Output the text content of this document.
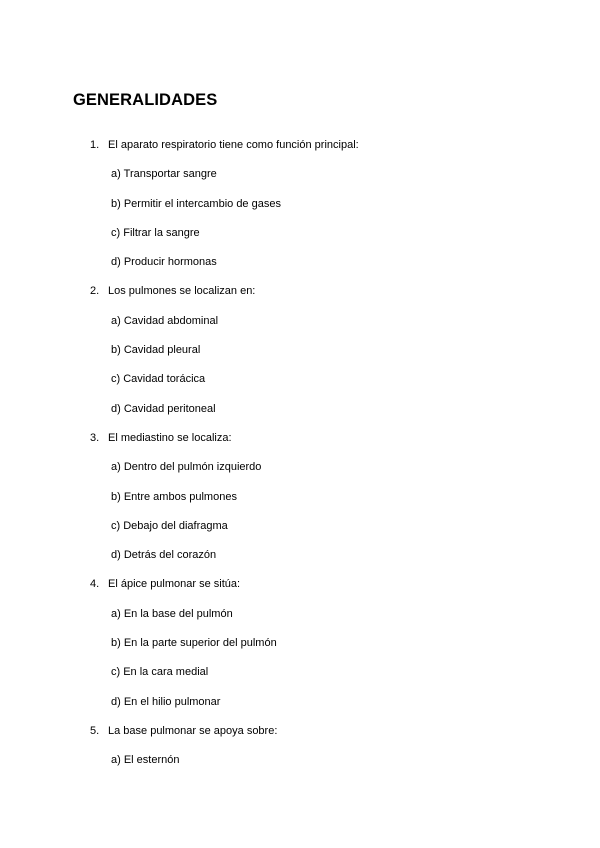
GENERALIDADES
1. El aparato respiratorio tiene como función principal:
a) Transportar sangre
b) Permitir el intercambio de gases
c) Filtrar la sangre
d) Producir hormonas
2. Los pulmones se localizan en:
a) Cavidad abdominal
b) Cavidad pleural
c) Cavidad torácica
d) Cavidad peritoneal
3. El mediastino se localiza:
a) Dentro del pulmón izquierdo
b) Entre ambos pulmones
c) Debajo del diafragma
d) Detrás del corazón
4. El ápice pulmonar se sitúa:
a) En la base del pulmón
b) En la parte superior del pulmón
c) En la cara medial
d) En el hilio pulmonar
5. La base pulmonar se apoya sobre:
a) El esternón
